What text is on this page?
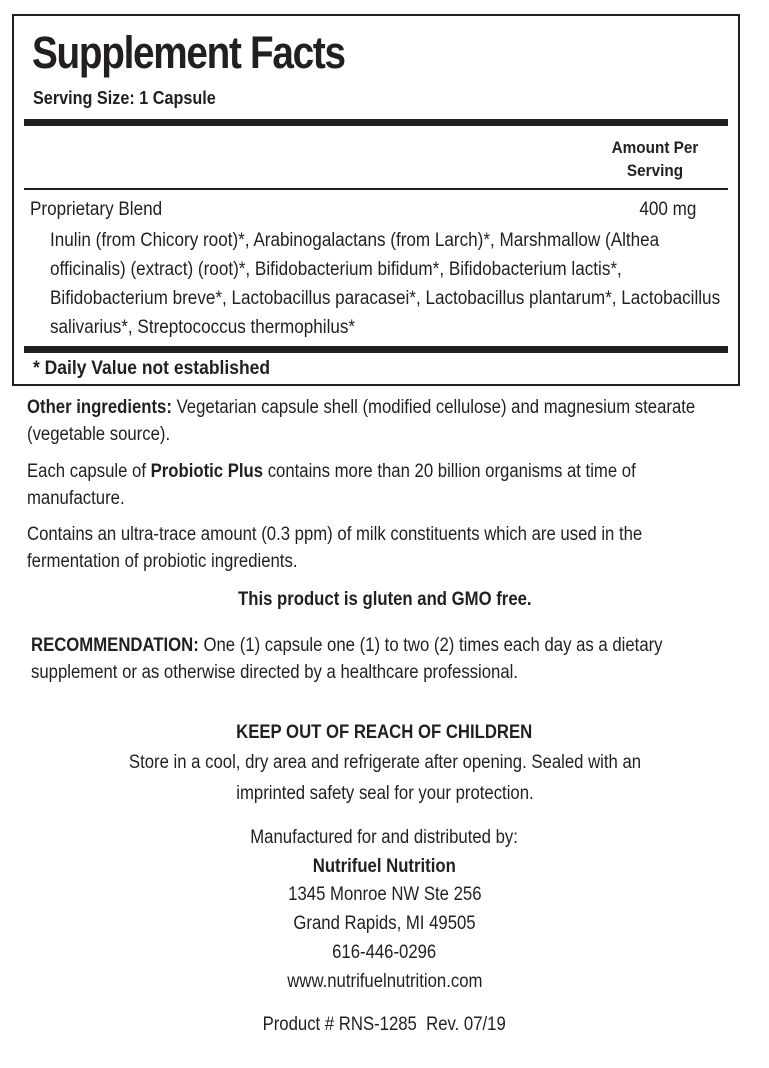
Supplement Facts
Serving Size: 1 Capsule
Amount Per
Serving
Proprietary Blend	400 mg

Inulin (from Chicory root)*, Arabinogalactans (from Larch)*, Marshmallow (Althea officinalis) (extract) (root)*, Bifidobacterium bifidum*, Bifidobacterium lactis*, Bifidobacterium breve*, Lactobacillus paracasei*, Lactobacillus plantarum*, Lactobacillus salivarius*, Streptococcus thermophilus*

* Daily Value not established

Other ingredients: Vegetarian capsule shell (modified cellulose) and magnesium stearate (vegetable source).

Each capsule of Probiotic Plus contains more than 20 billion organisms at time of manufacture.

Contains an ultra-trace amount (0.3 ppm) of milk constituents which are used in the fermentation of probiotic ingredients.

This product is gluten and GMO free.

RECOMMENDATION: One (1) capsule one (1) to two (2) times each day as a dietary supplement or as otherwise directed by a healthcare professional.

KEEP OUT OF REACH OF CHILDREN

Store in a cool, dry area and refrigerate after opening. Sealed with an

imprinted safety seal for your protection.

Manufactured for and distributed by:

Nutrifuel Nutrition

1345 Monroe NW Ste 256

Grand Rapids, MI 49505

616-446-0296

www.nutrifuelnutrition.com

Product # RNS-1285  Rev. 07/19
